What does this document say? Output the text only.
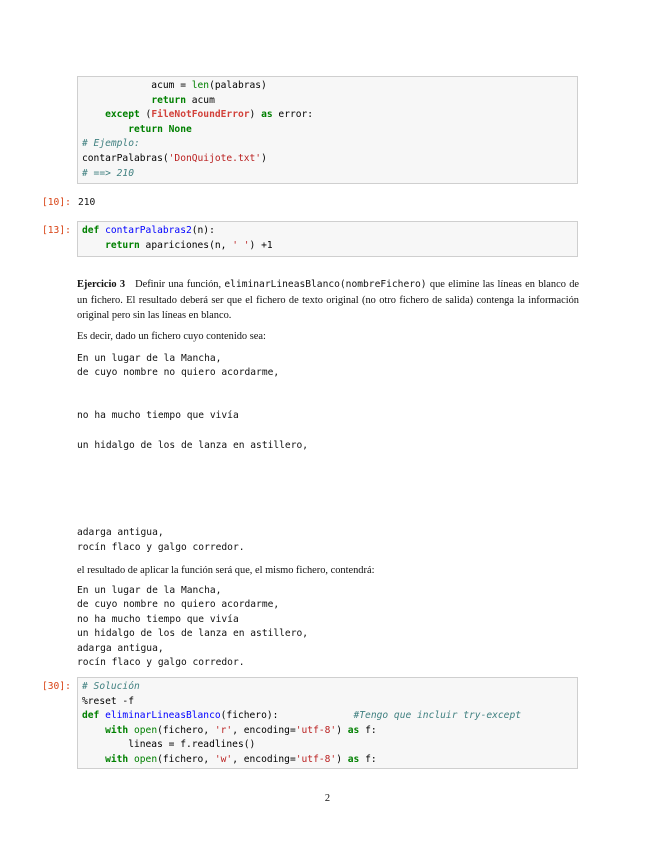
acum = len(palabras)
return acum
except (FileNotFoundError) as error:
return None
# Ejemplo:
contarPalabras('DonQuijote.txt')
# ==> 210
[10]: 210
[13]:	def contarPalabras2(n):
return apariciones(n, ' ') +1
Ejercicio 3 Definir una función, eliminarLineasBlanco(nombreFichero) que elimine las líneas en blanco de un fichero. El resultado deberá ser que el fichero de texto original (no otro fichero de salida) contenga la información original pero sin las líneas en blanco.
Es decir, dado un fichero cuyo contenido sea:
En un lugar de la Mancha,
de cuyo nombre no quiero acordarme,
no ha mucho tiempo que vivía
un hidalgo de los de lanza en astillero,
adarga antigua,
rocín flaco y galgo corredor.
el resultado de aplicar la función será que, el mismo fichero, contendrá:
En un lugar de la Mancha,
de cuyo nombre no quiero acordarme,
no ha mucho tiempo que vivía
un hidalgo de los de lanza en astillero,
adarga antigua,
rocín flaco y galgo corredor.
[30]:	# Solución
%reset -f
def eliminarLineasBlanco(fichero):             #Tengo que incluir try-except
with open(fichero, 'r', encoding='utf-8') as f:
lineas = f.readlines()
with open(fichero, 'w', encoding='utf-8') as f:
2
